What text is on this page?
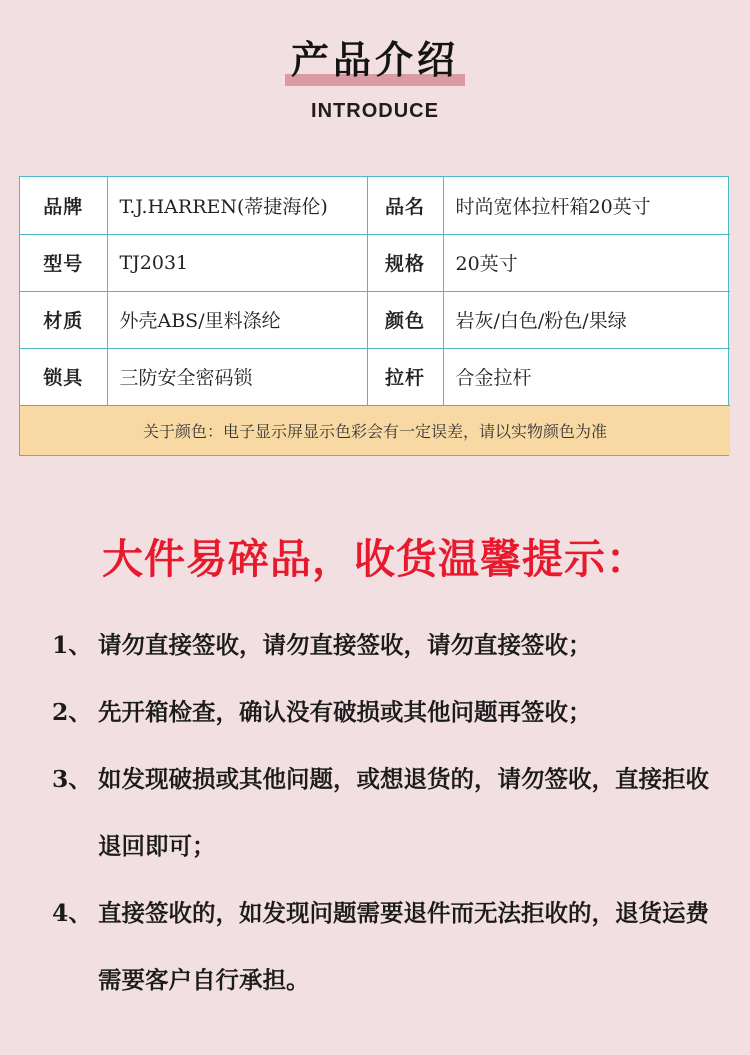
产品介绍
INTRODUCE
品牌	T.J.HARREN(蒂捷海伦)	品名	时尚宽体拉杆箱20英寸
型号	TJ2031	规格	20英寸
材质	外壳ABS/里料涤纶	颜色	岩灰/白色/粉色/果绿
锁具	三防安全密码锁	拉杆	合金拉杆
关于颜色：电子显示屏显示色彩会有一定误差，请以实物颜色为准			
大件易碎品，收货温馨提示：
1、 请勿直接签收，请勿直接签收，请勿直接签收；
2、 先开箱检查，确认没有破损或其他问题再签收；
3、 如发现破损或其他问题，或想退货的，请勿签收，直接拒收退回即可；
4、 直接签收的，如发现问题需要退件而无法拒收的，退货运费需要客户自行承担。
